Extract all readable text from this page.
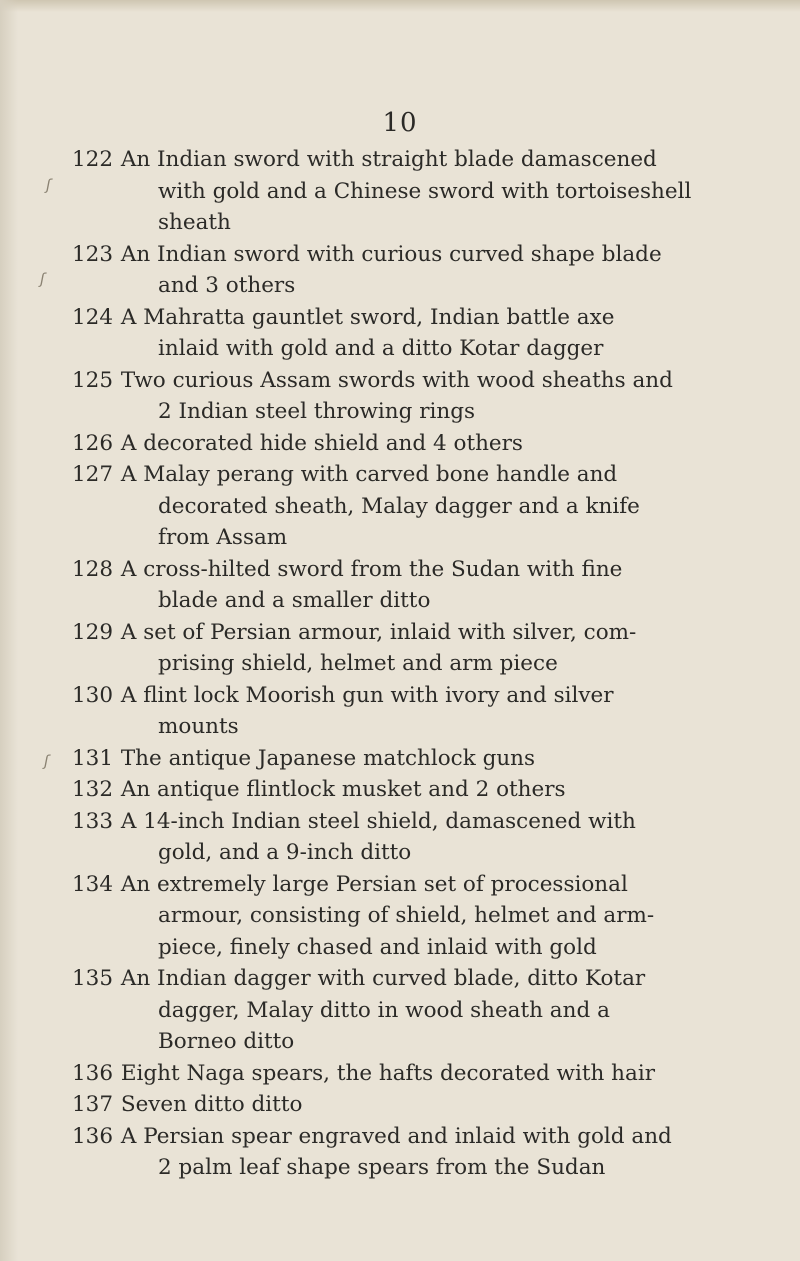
10
ʃ
ʃ
ʃ
122 An Indian sword with straight blade damascened
with gold and a Chinese sword with tortoiseshell
sheath
123 An Indian sword with curious curved shape blade
and 3 others
124 A Mahratta gauntlet sword, Indian battle axe
inlaid with gold and a ditto Kotar dagger
125 Two curious Assam swords with wood sheaths and
2 Indian steel throwing rings
126 A decorated hide shield and 4 others
127 A Malay perang with carved bone handle and
decorated sheath, Malay dagger and a knife
from Assam
128 A cross-hilted sword from the Sudan with fine
blade and a smaller ditto
129 A set of Persian armour, inlaid with silver, com-
prising shield, helmet and arm piece
130 A flint lock Moorish gun with ivory and silver
mounts
131 The antique Japanese matchlock guns
132 An antique flintlock musket and 2 others
133 A 14-inch Indian steel shield, damascened with
gold, and a 9-inch ditto
134 An extremely large Persian set of processional
armour, consisting of shield, helmet and arm-
piece, finely chased and inlaid with gold
135 An Indian dagger with curved blade, ditto Kotar
dagger, Malay ditto in wood sheath and a
Borneo ditto
136 Eight Naga spears, the hafts decorated with hair
137 Seven ditto ditto
136 A Persian spear engraved and inlaid with gold and
2 palm leaf shape spears from the Sudan
